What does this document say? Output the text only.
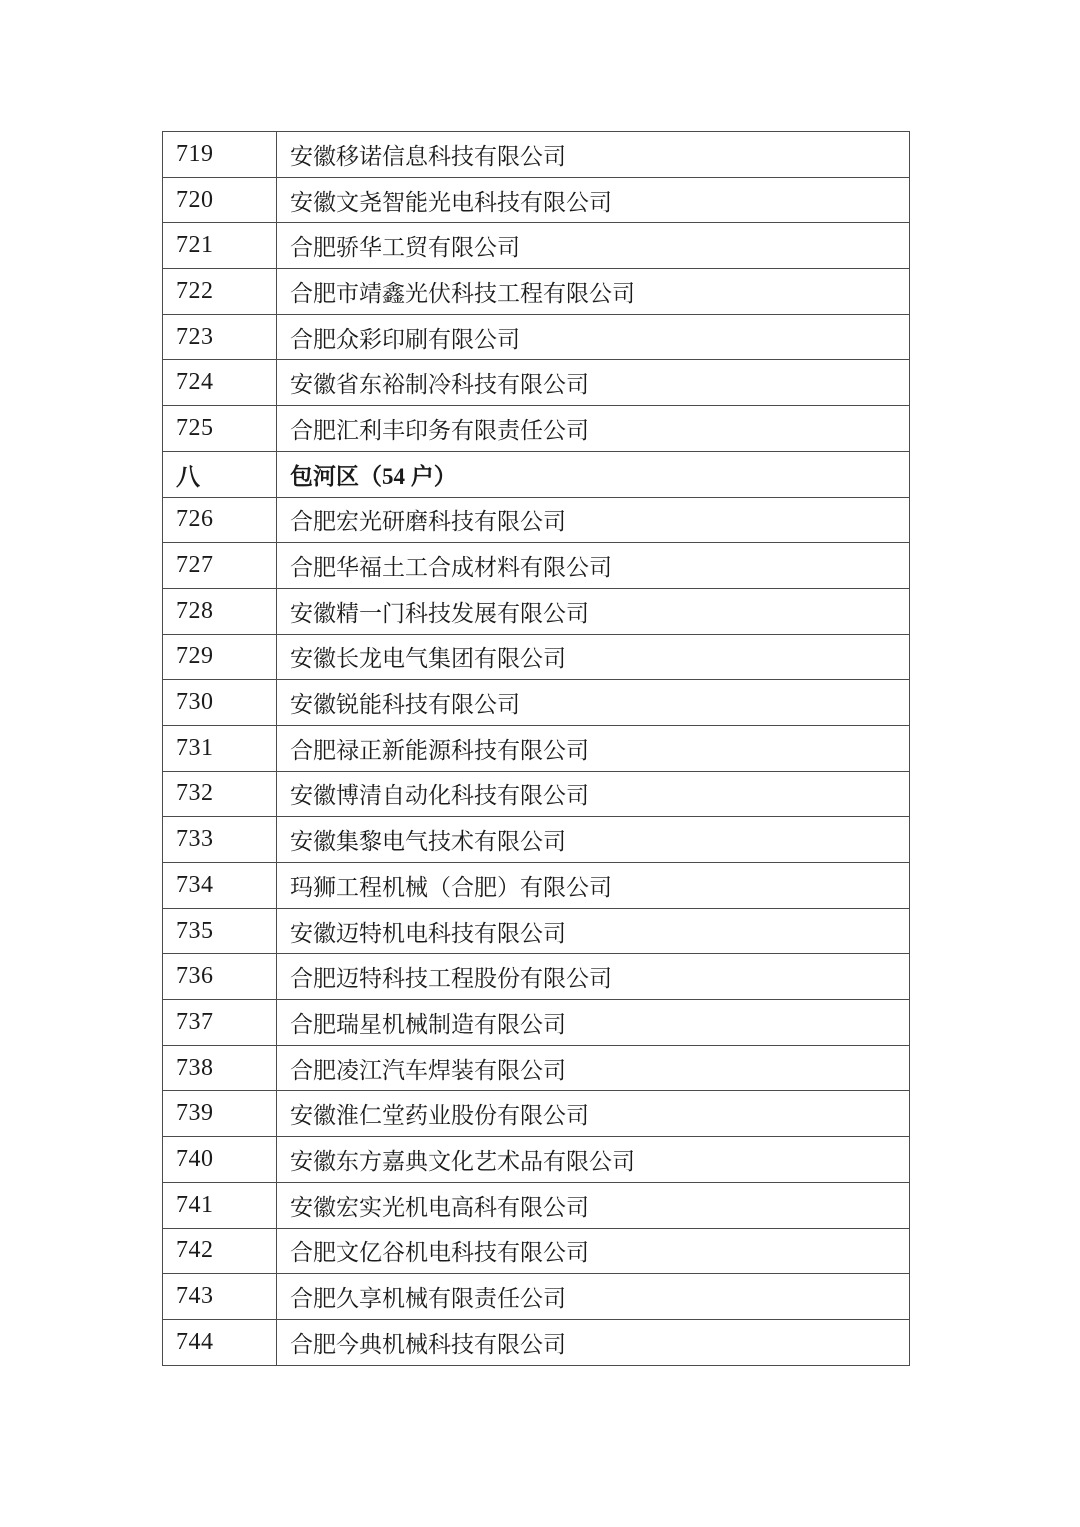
719	安徽移诺信息科技有限公司
720	安徽文尧智能光电科技有限公司
721	合肥骄华工贸有限公司
722	合肥市靖鑫光伏科技工程有限公司
723	合肥众彩印刷有限公司
724	安徽省东裕制冷科技有限公司
725	合肥汇利丰印务有限责任公司
八	包河区（54 户）
726	合肥宏光研磨科技有限公司
727	合肥华福土工合成材料有限公司
728	安徽精一门科技发展有限公司
729	安徽长龙电气集团有限公司
730	安徽锐能科技有限公司
731	合肥禄正新能源科技有限公司
732	安徽博清自动化科技有限公司
733	安徽集黎电气技术有限公司
734	玛狮工程机械（合肥）有限公司
735	安徽迈特机电科技有限公司
736	合肥迈特科技工程股份有限公司
737	合肥瑞星机械制造有限公司
738	合肥凌江汽车焊装有限公司
739	安徽淮仁堂药业股份有限公司
740	安徽东方嘉典文化艺术品有限公司
741	安徽宏实光机电高科有限公司
742	合肥文亿谷机电科技有限公司
743	合肥久享机械有限责任公司
744	合肥今典机械科技有限公司
